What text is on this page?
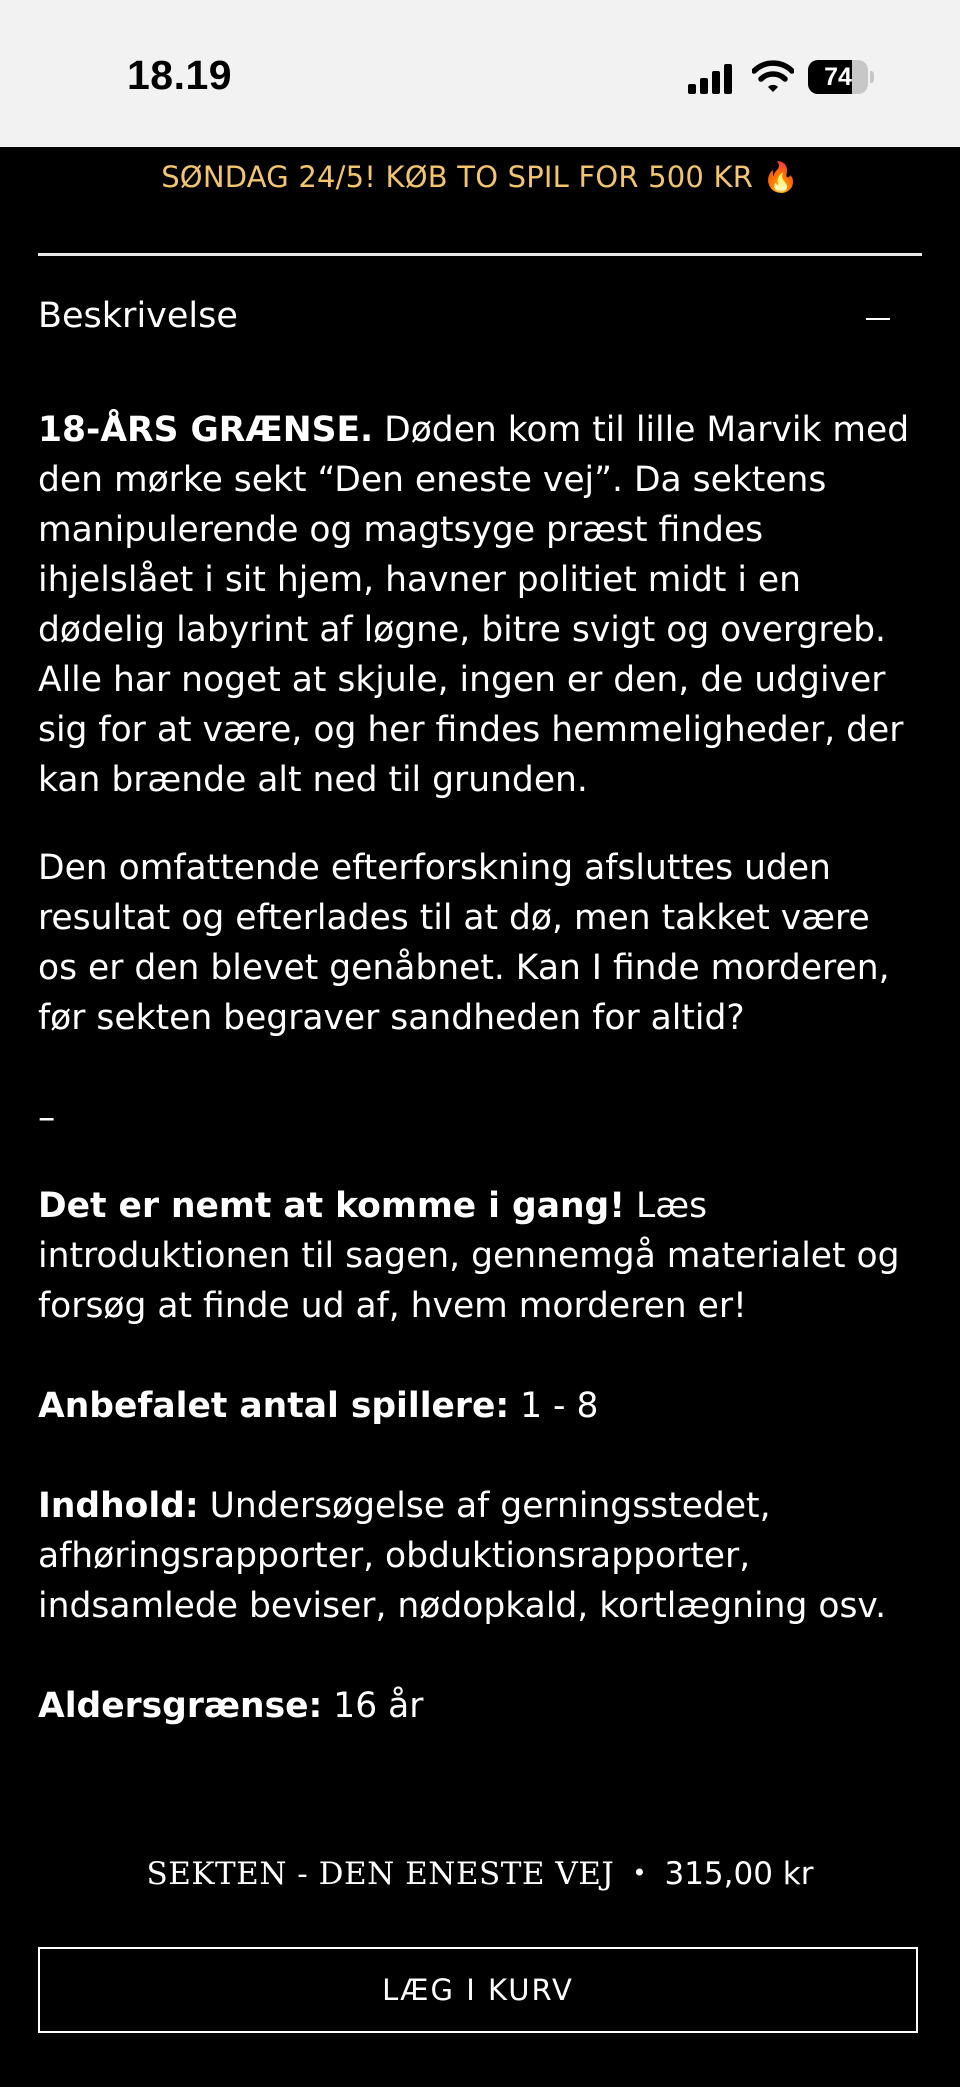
18.19	74
SØNDAG 24/5! KØB TO SPIL FOR 500 KR 🔥
Beskrivelse

18-ÅRS GRÆNSE. Døden kom til lille Marvik med den mørke sekt “Den eneste vej”. Da sektens manipulerende og magtsyge præst findes ihjelslået i sit hjem, havner politiet midt i en dødelig labyrint af løgne, bitre svigt og overgreb. Alle har noget at skjule, ingen er den, de udgiver sig for at være, og her findes hemmeligheder, der kan brænde alt ned til grunden.

Den omfattende efterforskning afsluttes uden resultat og efterlades til at dø, men takket være os er den blevet genåbnet. Kan I finde morderen, før sekten begraver sandheden for altid?

–

Det er nemt at komme i gang! Læs introduktionen til sagen, gennemgå materialet og forsøg at finde ud af, hvem morderen er!

Anbefalet antal spillere: 1 - 8

Indhold: Undersøgelse af gerningsstedet, afhøringsrapporter, obduktionsrapporter, indsamlede beviser, nødopkald, kortlægning osv.

Aldersgrænse: 16 år

SEKTEN - DEN ENESTE VEJ • 315,00 kr
LÆG I KURV
